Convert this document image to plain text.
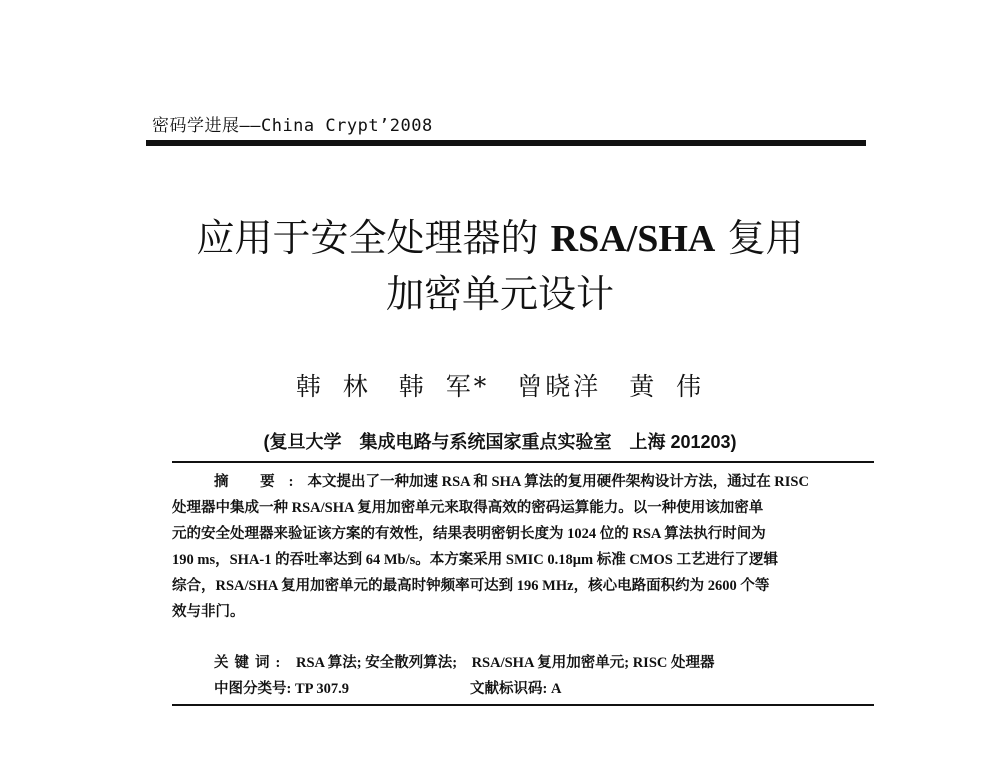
密码学进展——China Crypt’2008
应用于安全处理器的 RSA/SHA 复用
加密单元设计
韩 林　韩 军*　曾晓洋　黄 伟
(复旦大学　集成电路与系统国家重点实验室　上海 201203)
摘 要:本文提出了一种加速 RSA 和 SHA 算法的复用硬件架构设计方法，通过在 RISC
处理器中集成一种 RSA/SHA 复用加密单元来取得高效的密码运算能力。以一种使用该加密单
元的安全处理器来验证该方案的有效性，结果表明密钥长度为 1024 位的 RSA 算法执行时间为
190 ms，SHA-1 的吞吐率达到 64 Mb/s。本方案采用 SMIC 0.18μm 标准 CMOS 工艺进行了逻辑
综合，RSA/SHA 复用加密单元的最高时钟频率可达到 196 MHz，核心电路面积约为 2600 个等
效与非门。
关键词: RSA 算法; 安全散列算法;　RSA/SHA 复用加密单元; RISC 处理器
中图分类号: TP 307.9	文献标识码: A
